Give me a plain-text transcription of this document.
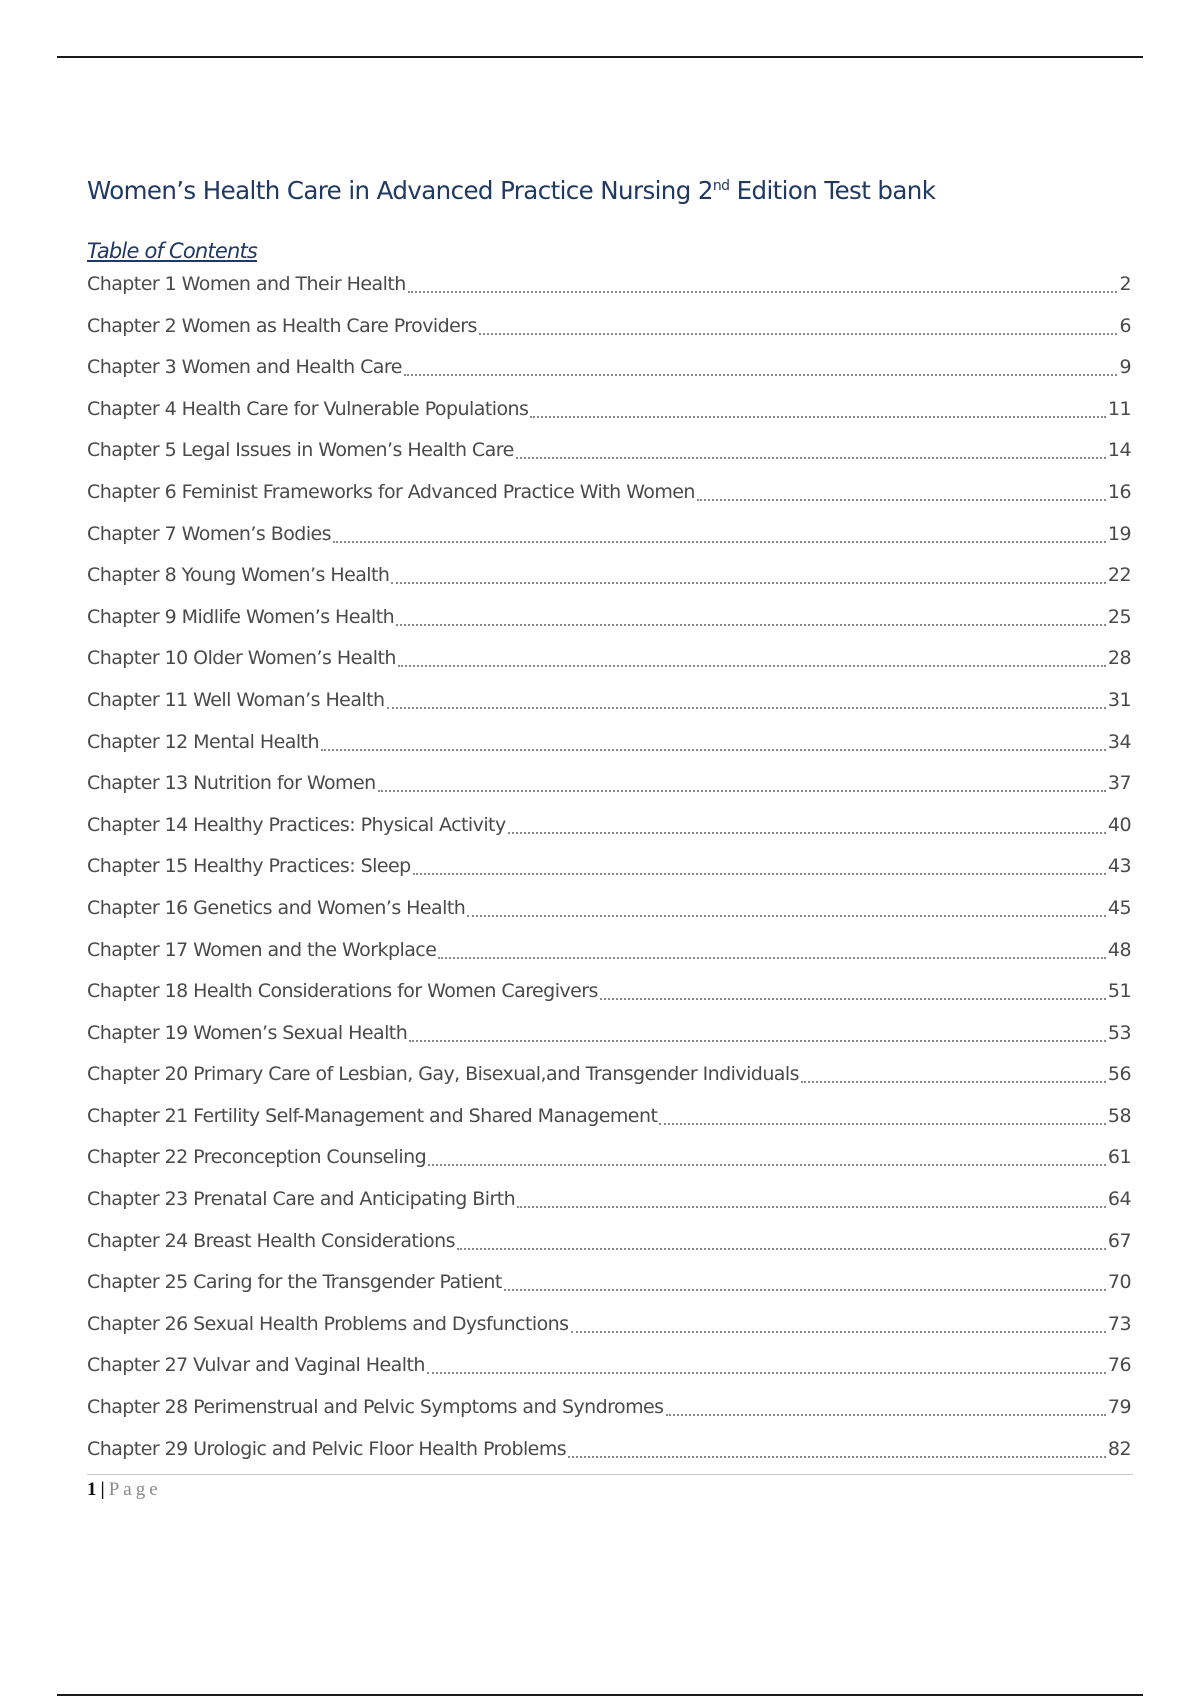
Women’s Health Care in Advanced Practice Nursing 2nd Edition Test bank
Table of Contents
Chapter 1 Women and Their Health	2
Chapter 2 Women as Health Care Providers	6
Chapter 3 Women and Health Care	9
Chapter 4 Health Care for Vulnerable Populations	11
Chapter 5 Legal Issues in Women’s Health Care	14
Chapter 6 Feminist Frameworks for Advanced Practice With Women	16
Chapter 7 Women’s Bodies	19
Chapter 8 Young Women’s Health	22
Chapter 9 Midlife Women’s Health	25
Chapter 10 Older Women’s Health	28
Chapter 11 Well Woman’s Health	31
Chapter 12 Mental Health	34
Chapter 13 Nutrition for Women	37
Chapter 14 Healthy Practices: Physical Activity	40
Chapter 15 Healthy Practices: Sleep	43
Chapter 16 Genetics and Women’s Health	45
Chapter 17 Women and the Workplace	48
Chapter 18 Health Considerations for Women Caregivers	51
Chapter 19 Women’s Sexual Health	53
Chapter 20 Primary Care of Lesbian, Gay, Bisexual,and Transgender Individuals	56
Chapter 21 Fertility Self-Management and Shared Management	58
Chapter 22 Preconception Counseling	61
Chapter 23 Prenatal Care and Anticipating Birth	64
Chapter 24 Breast Health Considerations	67
Chapter 25 Caring for the Transgender Patient	70
Chapter 26 Sexual Health Problems and Dysfunctions	73
Chapter 27 Vulvar and Vaginal Health	76
Chapter 28 Perimenstrual and Pelvic Symptoms and Syndromes	79
Chapter 29 Urologic and Pelvic Floor Health Problems	82
1 | Page
